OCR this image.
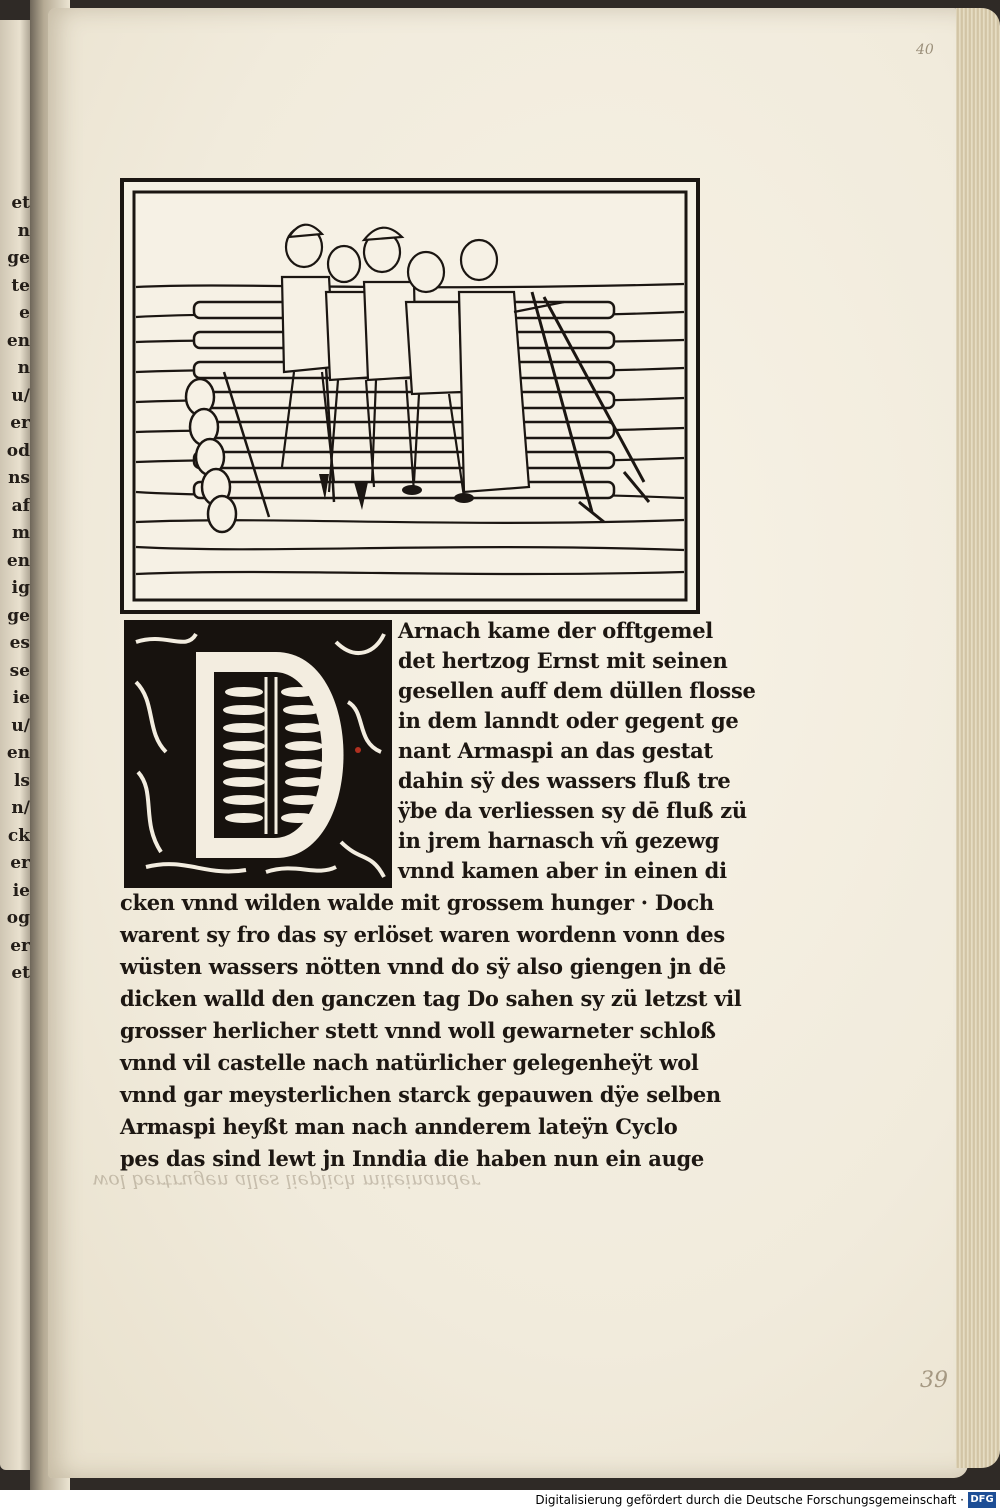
et
n
ge
te
e
en
n
u/
er
od
ns
af
m
en
ig
ge
es
se
ie
u/
en
ls
n/
ck
er
ie
og
er
et
40
Arnach kame der offtgemel
det hertzog Ernst mit seinen
gesellen auff dem düllen flosse
in dem lanndt oder gegent ge
nant Armaspi an das gestat
dahin sÿ des wassers fluß tre
ÿbe da verliessen sy dē fluß zü
in jrem harnasch vñ gezewg
vnnd kamen aber in einen di
cken vnnd wilden walde mit grossem hunger · Doch
warent sy fro das sy erlöset waren wordenn vonn des
wüsten wassers nötten vnnd do sÿ also giengen jn dē
dicken walld den ganczen tag Do sahen sy zü letzst vil
grosser herlicher stett vnnd woll gewarneter schloß
vnnd vil castelle nach natürlicher gelegenheÿt wol
vnnd gar meysterlichen starck gepauwen dÿe selben
Armaspi heyßt man nach annderem lateÿn Cyclo
pes das sind lewt jn Inndia die haben nun ein auge
wol bertrugen alles lieplich miteinander
39
Digitalisierung gefördert durch die Deutsche Forschungsgemeinschaft · DFG
